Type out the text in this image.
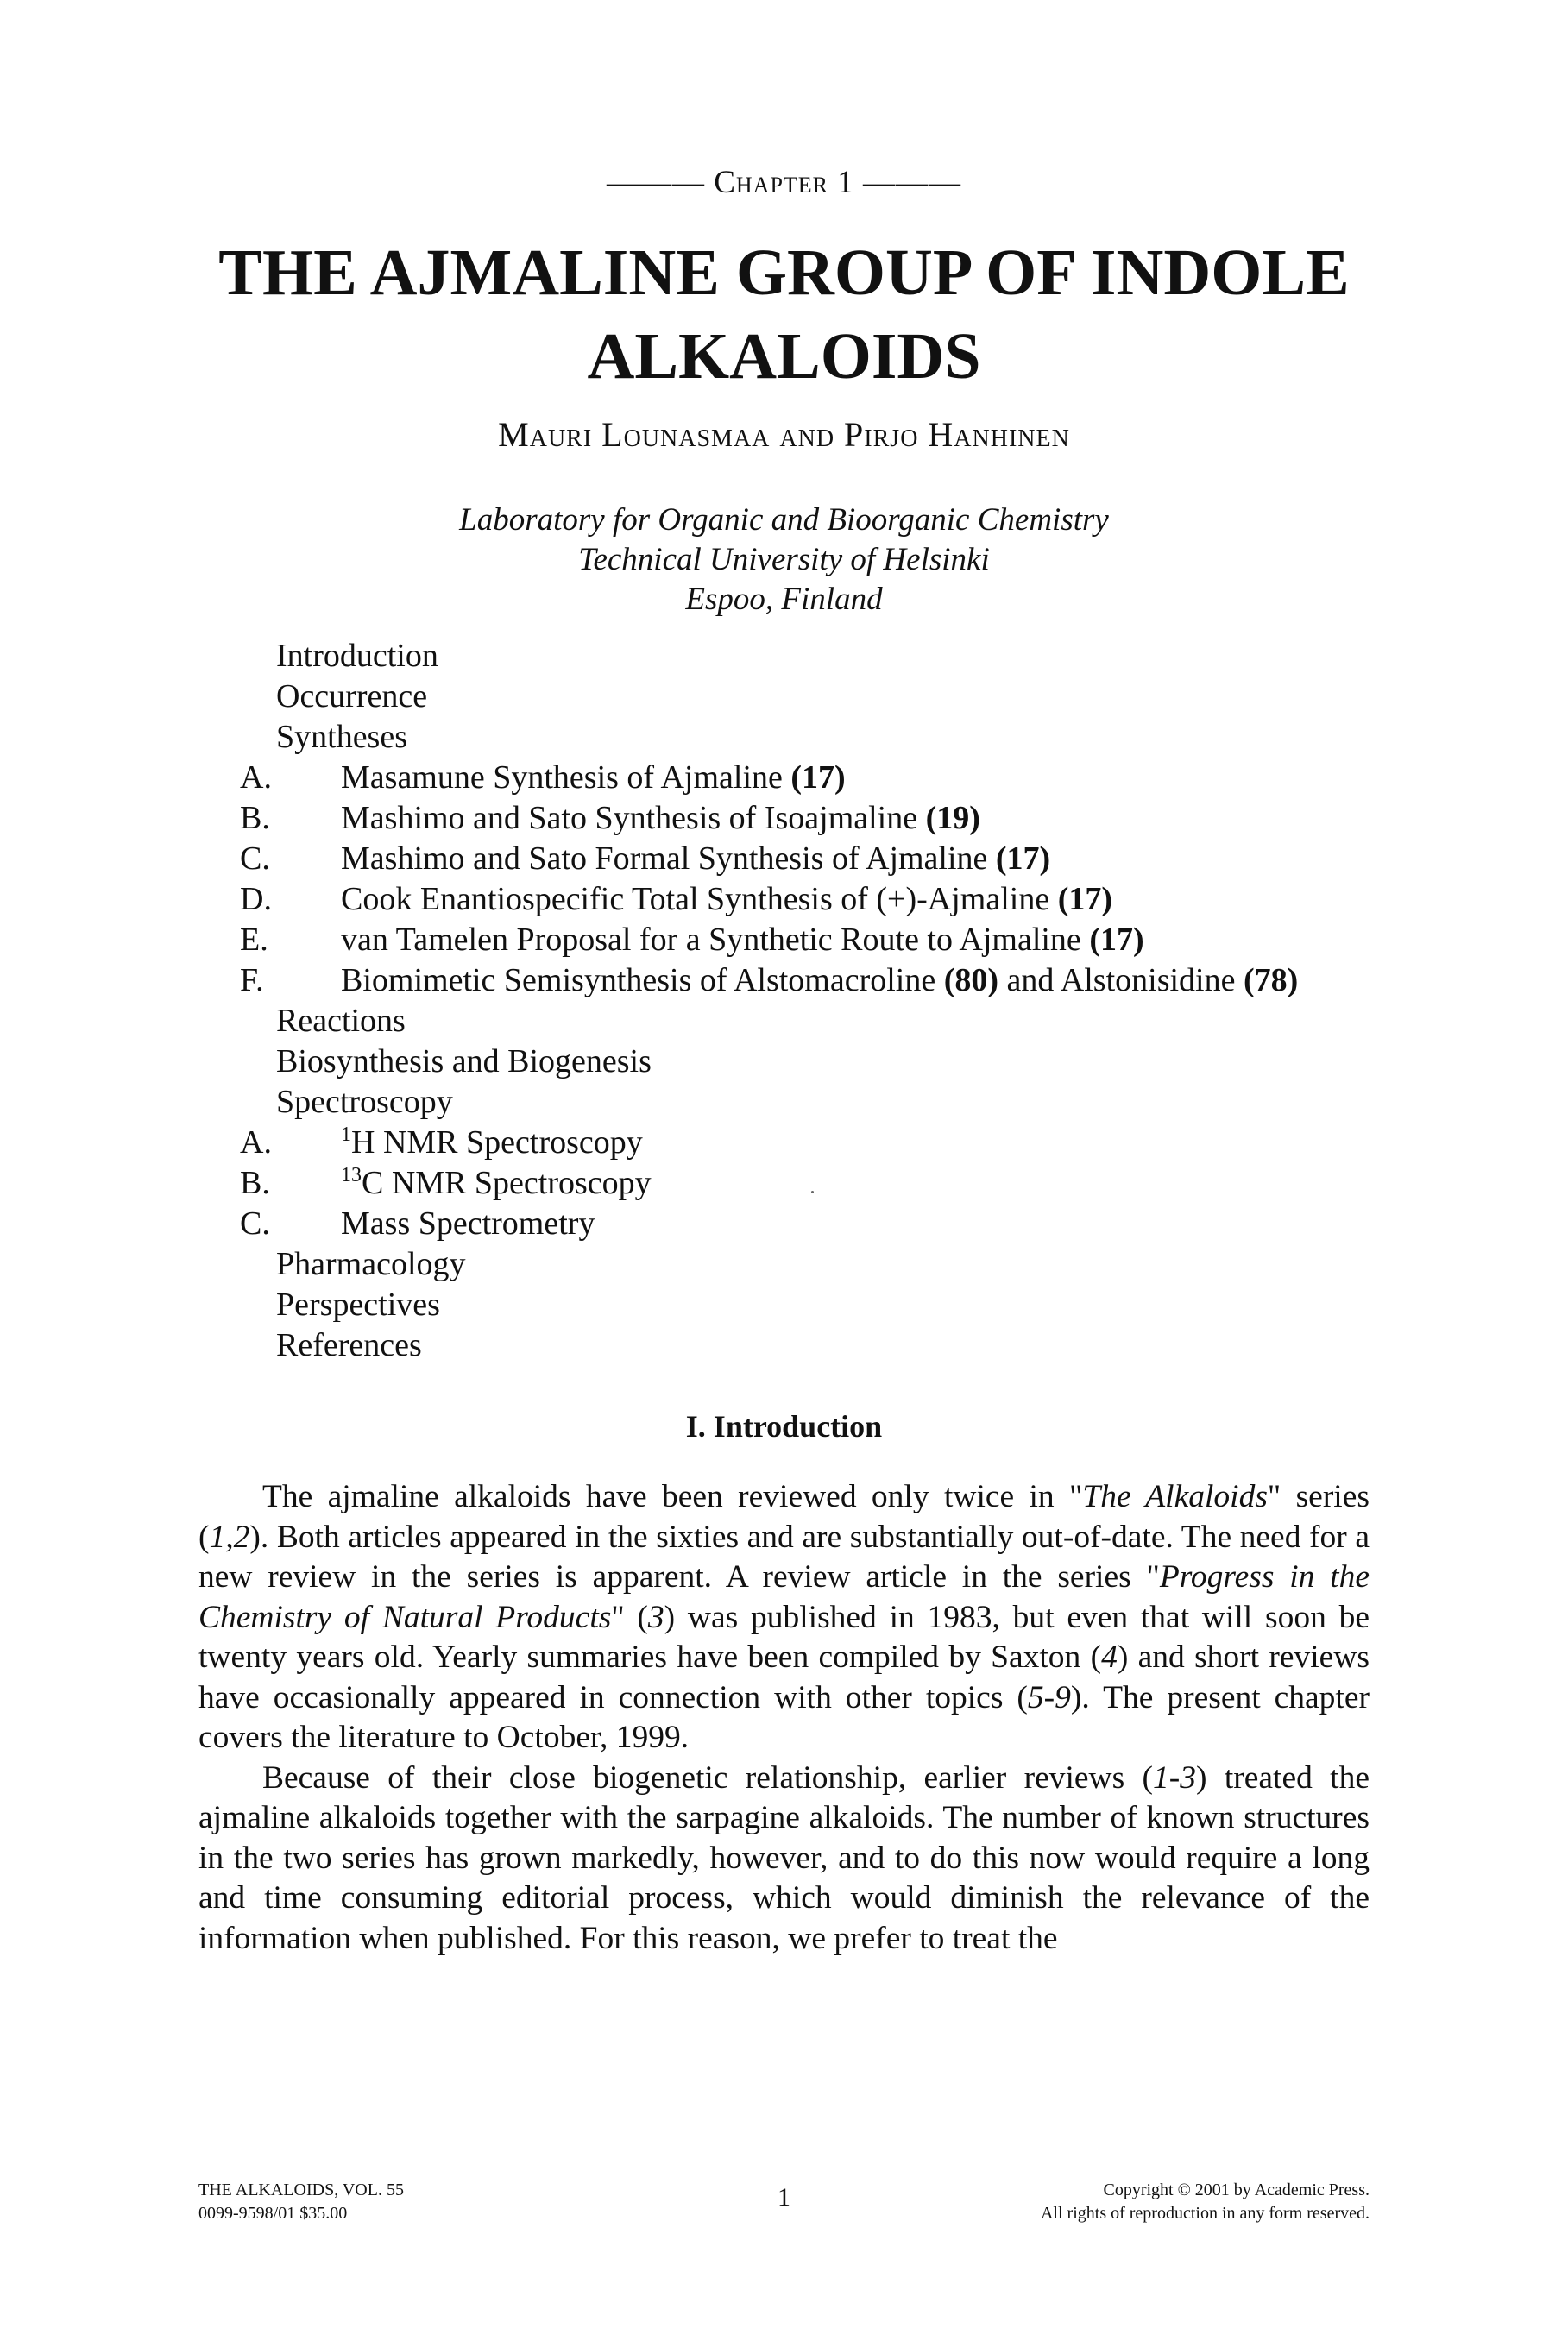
——— Chapter 1 ———
THE AJMALINE GROUP OF INDOLE
ALKALOIDS
Mauri Lounasmaa and Pirjo Hanhinen
Laboratory for Organic and Bioorganic Chemistry
Technical University of Helsinki
Espoo, Finland
Introduction
Occurrence
Syntheses
A. Masamune Synthesis of Ajmaline (17)
B. Mashimo and Sato Synthesis of Isoajmaline (19)
C. Mashimo and Sato Formal Synthesis of Ajmaline (17)
D. Cook Enantiospecific Total Synthesis of (+)-Ajmaline (17)
E. van Tamelen Proposal for a Synthetic Route to Ajmaline (17)
F. Biomimetic Semisynthesis of Alstomacroline (80) and Alstonisidine (78)
Reactions
Biosynthesis and Biogenesis
Spectroscopy
A.	$^1$H NMR Spectroscopy
B.	$^{13}$C NMR Spectroscopy
C. Mass Spectrometry
Pharmacology
Perspectives
References
I. Introduction

The ajmaline alkaloids have been reviewed only twice in "The Alkaloids" series (1,2). Both articles appeared in the sixties and are substantially out-of-date. The need for a new review in the series is apparent. A review article in the series "Progress in the Chemistry of Natural Products" (3) was published in 1983, but even that will soon be twenty years old. Yearly summaries have been compiled by Saxton (4) and short reviews have occasionally appeared in connection with other topics (5-9). The present chapter covers the literature to October, 1999.

Because of their close biogenetic relationship, earlier reviews (1-3) treated the ajmaline alkaloids together with the sarpagine alkaloids. The number of known structures in the two series has grown markedly, however, and to do this now would require a long and time consuming editorial process, which would diminish the relevance of the information when published. For this reason, we prefer to treat the

THE ALKALOIDS, VOL. 55
0099-9598/01 $35.00
1	Copyright © 2001 by Academic Press.
All rights of reproduction in any form reserved.
